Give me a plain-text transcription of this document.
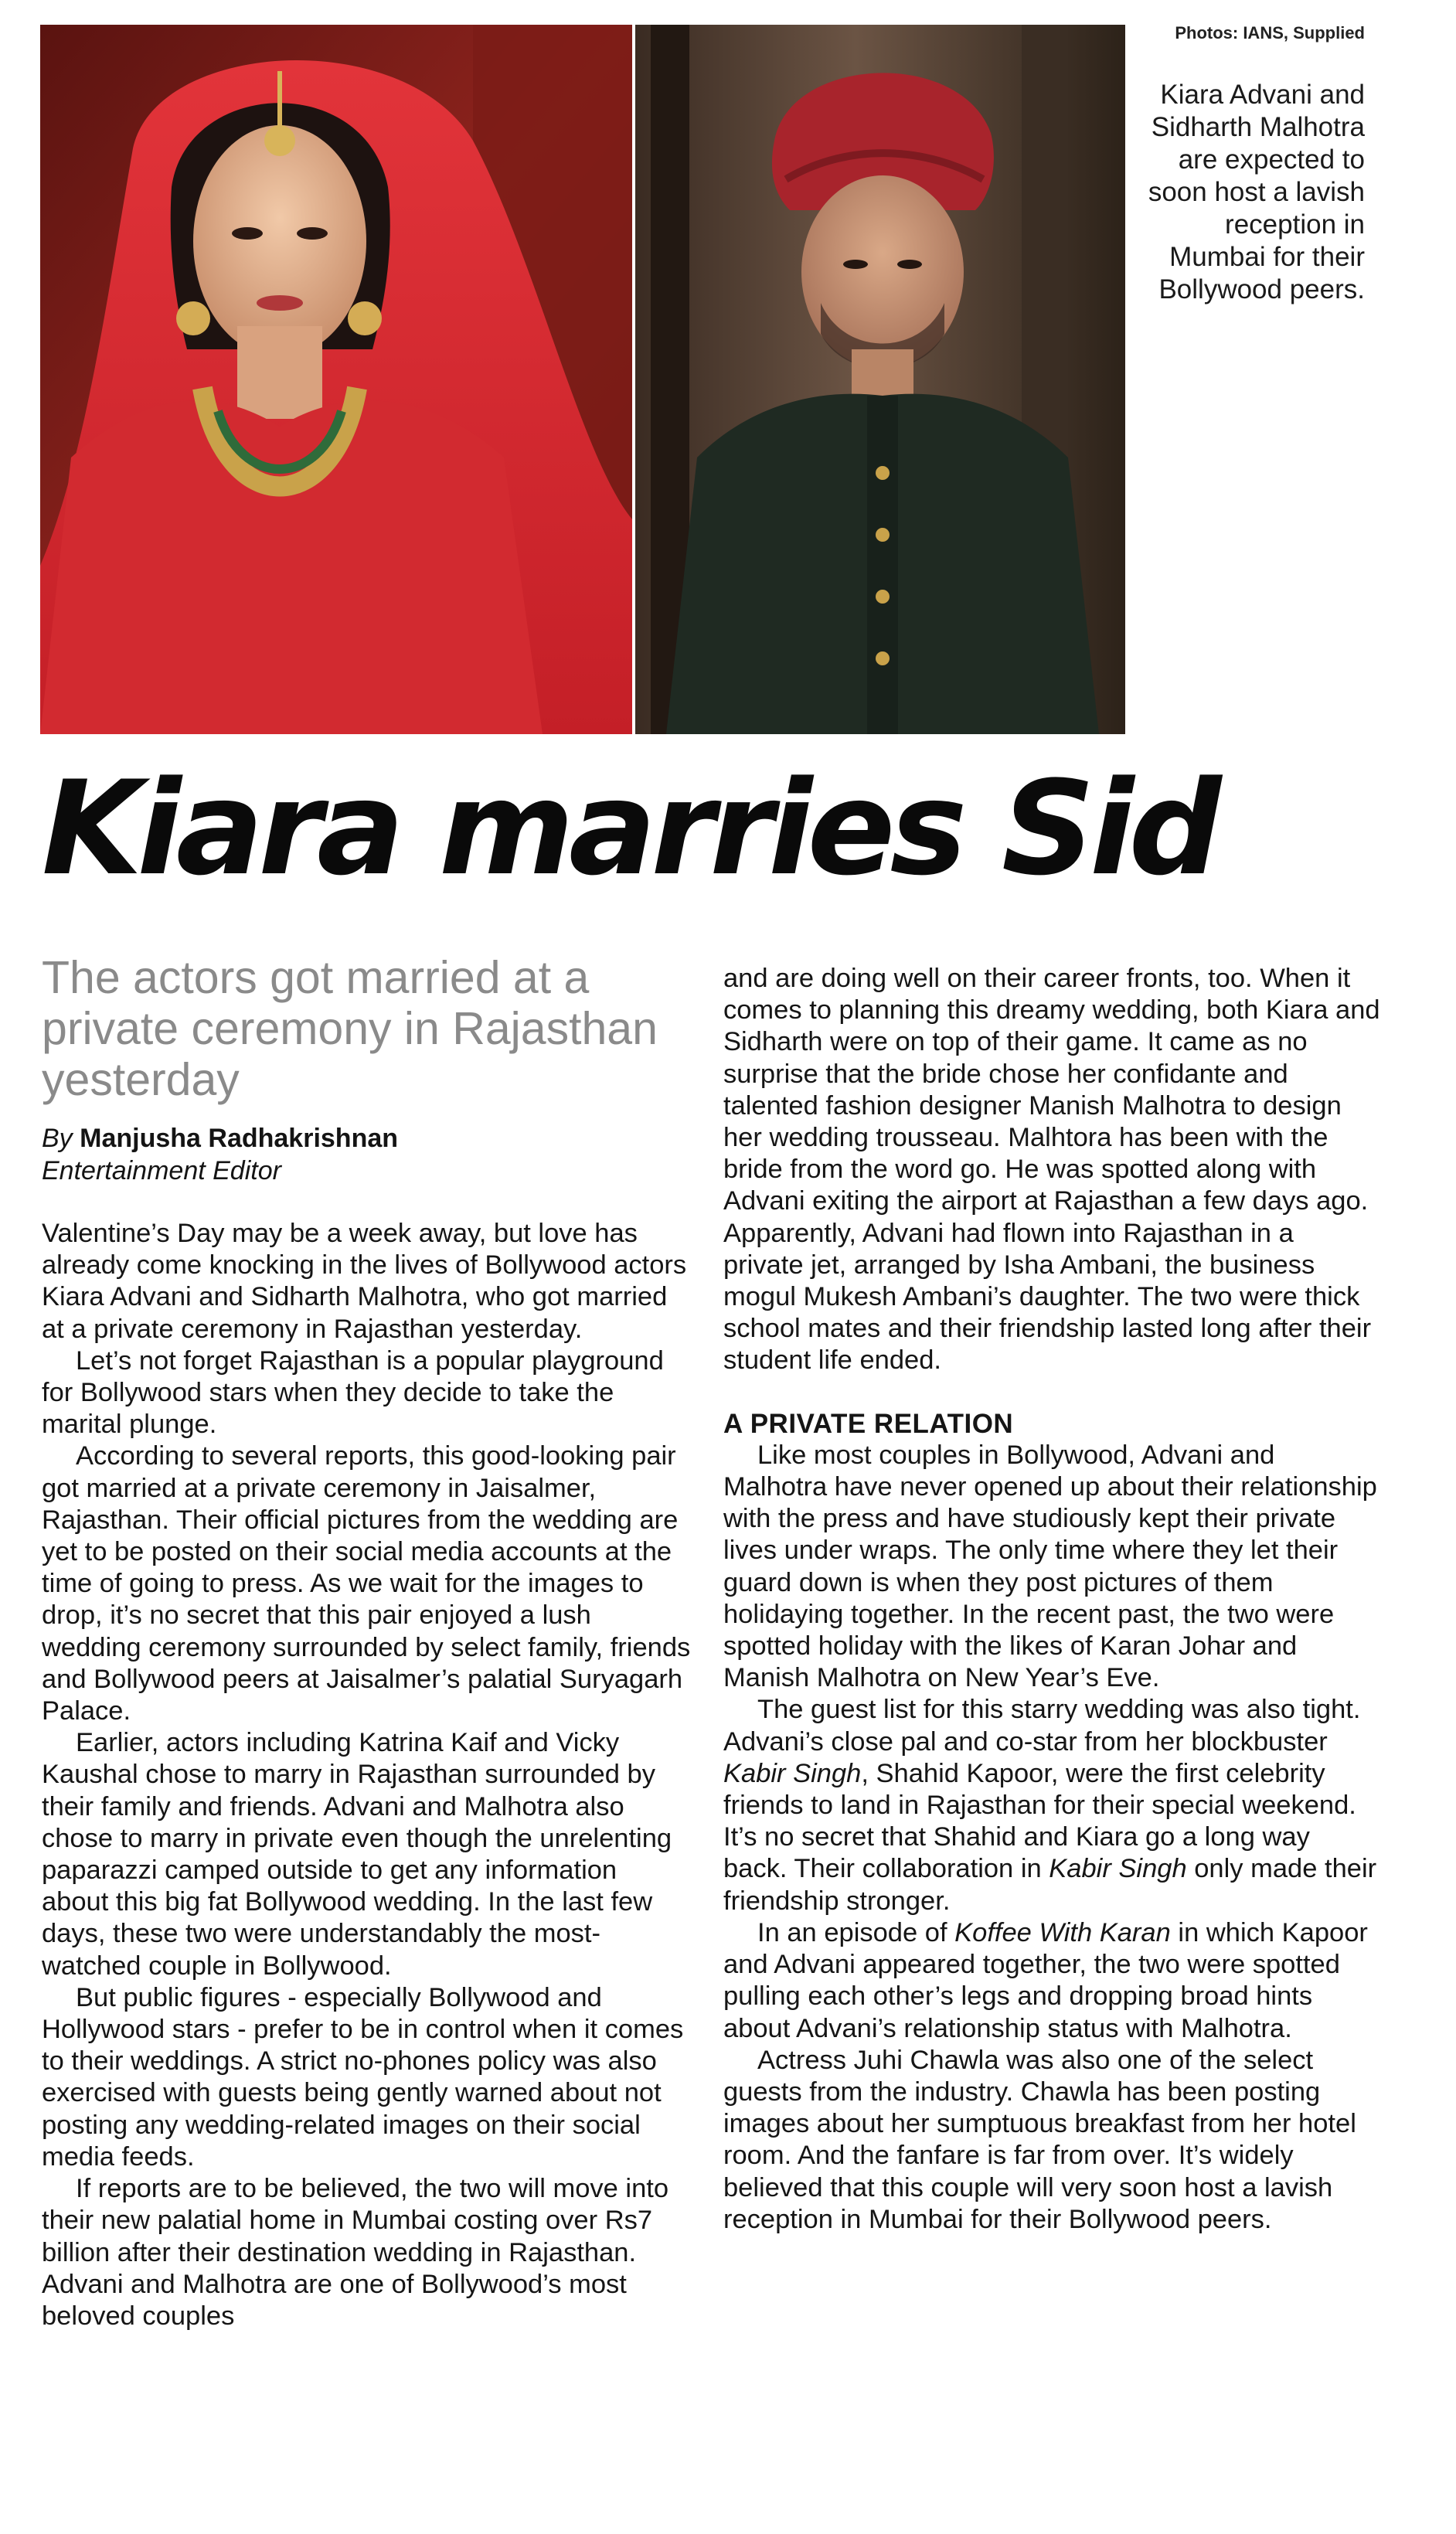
Photos: IANS, Supplied
Kiara Advani and Sidharth Malhotra are expected to soon host a lavish reception in Mumbai for their Bollywood peers.
Kiara marries Sid
The actors got married at a private ceremony in Rajasthan yesterday
By Manjusha Radhakrishnan
Entertainment Editor

Valentine’s Day may be a week away, but love has already come knocking in the lives of Bollywood actors Kiara Advani and Sidharth Malhotra, who got married at a private ceremony in Rajasthan yesterday.

Let’s not forget Rajasthan is a popular playground for Bollywood stars when they decide to take the marital plunge.

According to several reports, this good-looking pair got married at a private ceremony in Jaisalmer, Rajasthan. Their official pictures from the wedding are yet to be posted on their social media accounts at the time of going to press. As we wait for the images to drop, it’s no secret that this pair enjoyed a lush wedding ceremony surrounded by select family, friends and Bollywood peers at Jaisalmer’s palatial Suryagarh Palace.

Earlier, actors including Katrina Kaif and Vicky Kaushal chose to marry in Rajasthan surrounded by their family and friends. Advani and Malhotra also chose to marry in private even though the unrelenting paparazzi camped outside to get any information about this big fat Bollywood wedding. In the last few days, these two were understandably the most-watched couple in Bollywood.

But public figures - especially Bollywood and Hollywood stars - prefer to be in control when it comes to their weddings. A strict no-phones policy was also exercised with guests being gently warned about not posting any wedding-related images on their social media feeds.

If reports are to be believed, the two will move into their new palatial home in Mumbai costing over Rs7 billion after their destination wedding in Rajasthan. Advani and Malhotra are one of Bollywood’s most beloved couples

and are doing well on their career fronts, too. When it comes to planning this dreamy wedding, both Kiara and Sidharth were on top of their game. It came as no surprise that the bride chose her confidante and talented fashion designer Manish Malhotra to design her wedding trousseau. Malhtora has been with the bride from the word go. He was spotted along with Advani exiting the airport at Rajasthan a few days ago. Apparently, Advani had flown into Rajasthan in a private jet, arranged by Isha Ambani, the business mogul Mukesh Ambani’s daughter. The two were thick school mates and their friendship lasted long after their student life ended.

A PRIVATE RELATION

Like most couples in Bollywood, Advani and Malhotra have never opened up about their relationship with the press and have studiously kept their private lives under wraps. The only time where they let their guard down is when they post pictures of them holidaying together. In the recent past, the two were spotted holiday with the likes of Karan Johar and Manish Malhotra on New Year’s Eve.

The guest list for this starry wedding was also tight. Advani’s close pal and co-star from her blockbuster Kabir Singh, Shahid Kapoor, were the first celebrity friends to land in Rajasthan for their special weekend. It’s no secret that Shahid and Kiara go a long way back. Their collaboration in Kabir Singh only made their friendship stronger.

In an episode of Koffee With Karan in which Kapoor and Advani appeared together, the two were spotted pulling each other’s legs and dropping broad hints about Advani’s relationship status with Malhotra.

Actress Juhi Chawla was also one of the select guests from the industry. Chawla has been posting images about her sumptuous breakfast from her hotel room. And the fanfare is far from over. It’s widely believed that this couple will very soon host a lavish reception in Mumbai for their Bollywood peers.
